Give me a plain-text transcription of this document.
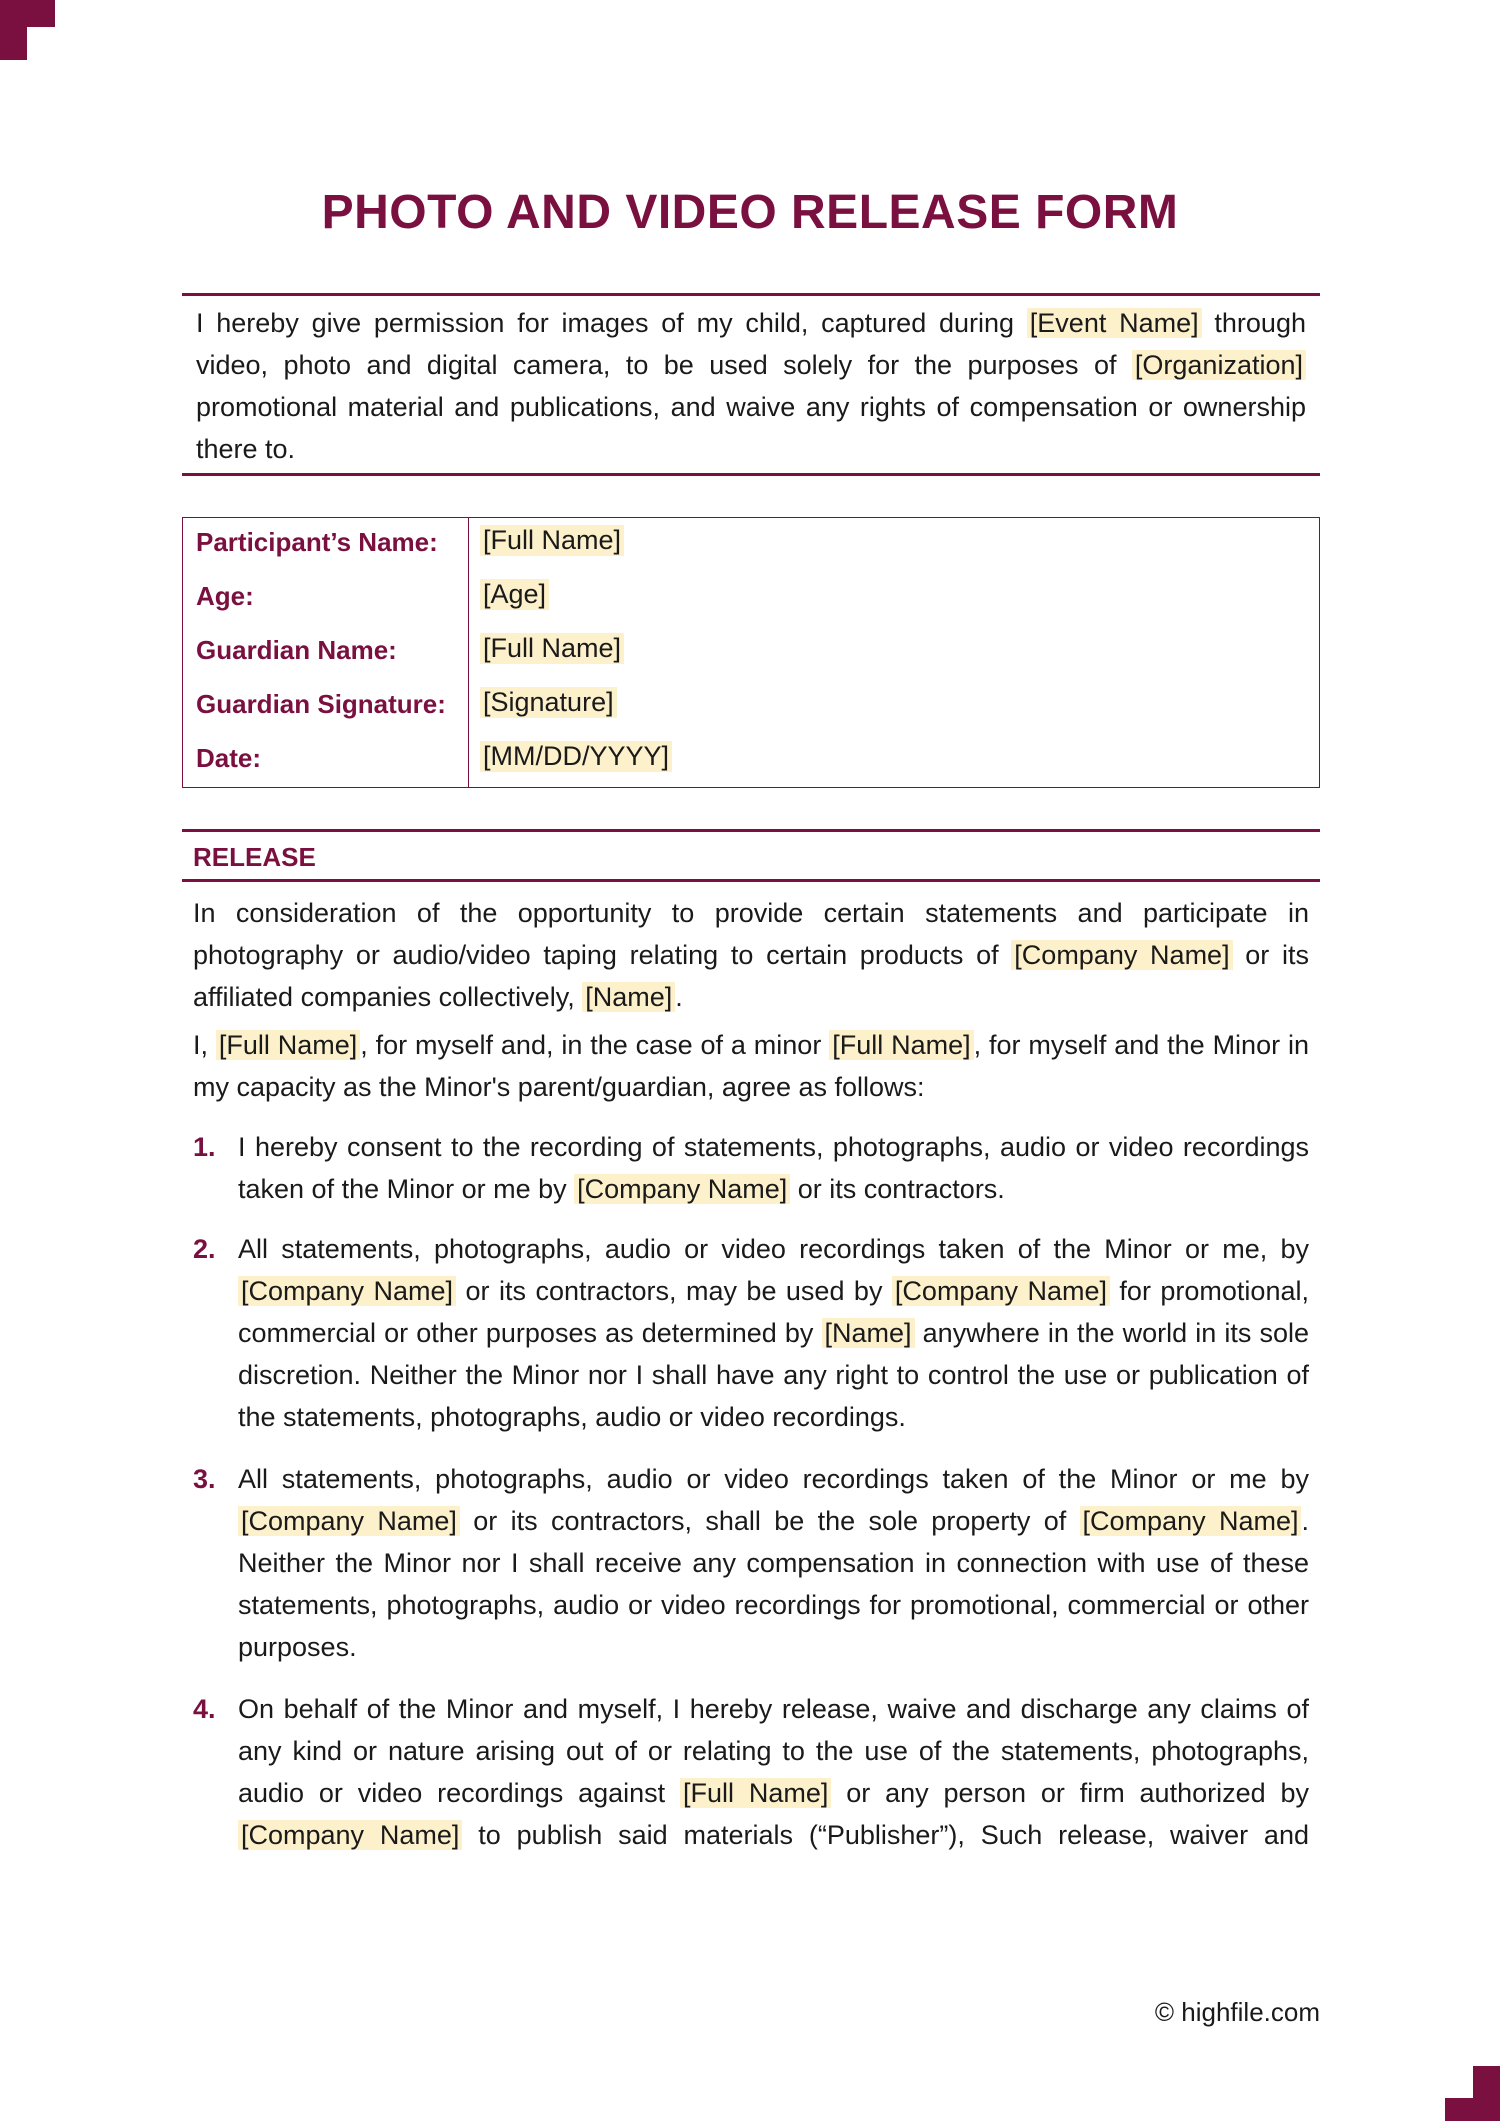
PHOTO AND VIDEO RELEASE FORM

I hereby give permission for images of my child, captured during [Event Name] through video, photo and digital camera, to be used solely for the purposes of [Organization] promotional material and publications, and waive any rights of compensation or ownership there to.

Participant’s Name: [Full Name]
Age:	[Age]
Guardian Name:	[Full Name]
Guardian Signature: [Signature]
Date:	[MM/DD/YYYY]
RELEASE

In consideration of the opportunity to provide certain statements and participate in photography or audio/video taping relating to certain products of [Company Name] or its affiliated companies collectively, [Name] .

I, [Full Name] , for myself and, in the case of a minor [Full Name] , for myself and the Minor in my capacity as the Minor's parent/guardian, agree as follows:

1. I hereby consent to the recording of statements, photographs, audio or video recordings taken of the Minor or me by [Company Name] or its contractors.

2. All statements, photographs, audio or video recordings taken of the Minor or me, by [Company Name] or its contractors, may be used by [Company Name] for promotional, commercial or other purposes as determined by [Name] anywhere in the world in its sole discretion. Neither the Minor nor I shall have any right to control the use or publication of the statements, photographs, audio or video recordings.

3. All statements, photographs, audio or video recordings taken of the Minor or me by [Company Name] or its contractors, shall be the sole property of [Company Name] . Neither the Minor nor I shall receive any compensation in connection with use of these statements, photographs, audio or video recordings for promotional, commercial or other purposes.

4. On behalf of the Minor and myself, I hereby release, waive and discharge any claims of any kind or nature arising out of or relating to the use of the statements, photographs, audio or video recordings against [Full Name] or any person or firm authorized by [Company Name] to publish said materials (“Publisher”), Such release, waiver and

© highfile.com
